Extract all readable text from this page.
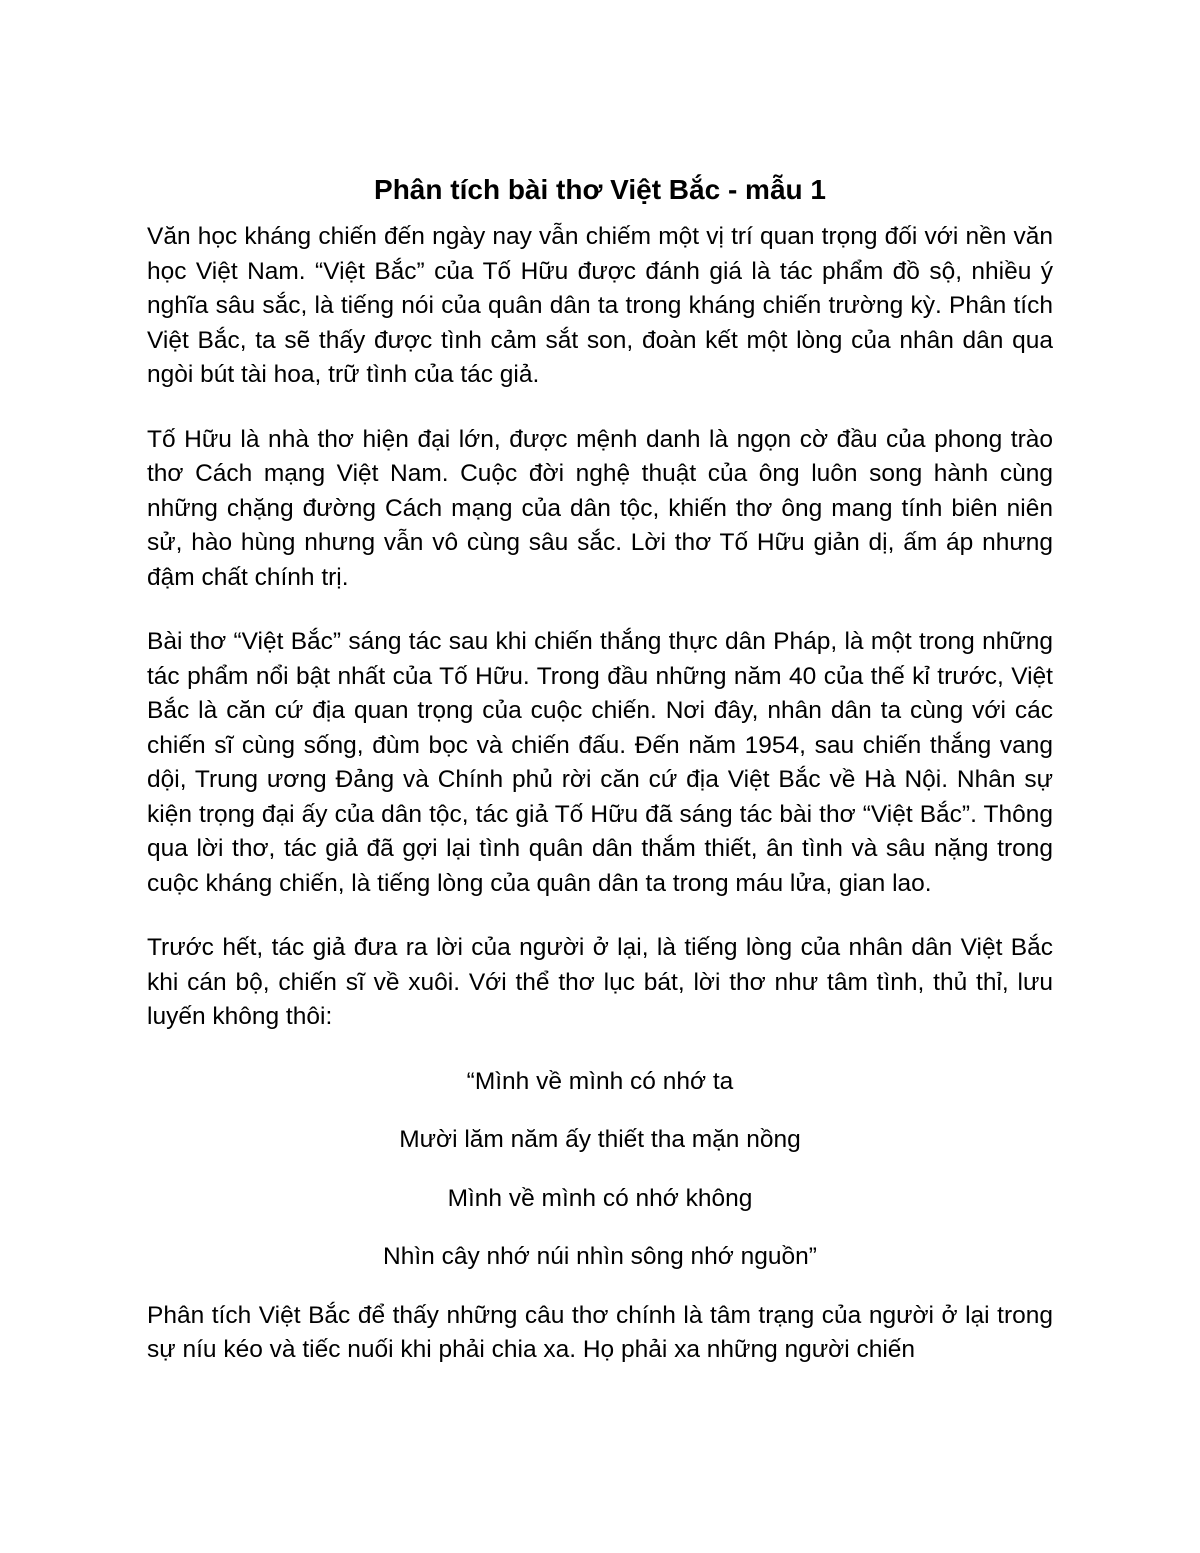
Phân tích bài thơ Việt Bắc - mẫu 1

Văn học kháng chiến đến ngày nay vẫn chiếm một vị trí quan trọng đối với nền văn học Việt Nam. “Việt Bắc” của Tố Hữu được đánh giá là tác phẩm đồ sộ, nhiều ý nghĩa sâu sắc, là tiếng nói của quân dân ta trong kháng chiến trường kỳ. Phân tích Việt Bắc, ta sẽ thấy được tình cảm sắt son, đoàn kết một lòng của nhân dân qua ngòi bút tài hoa, trữ tình của tác giả.

Tố Hữu là nhà thơ hiện đại lớn, được mệnh danh là ngọn cờ đầu của phong trào thơ Cách mạng Việt Nam. Cuộc đời nghệ thuật của ông luôn song hành cùng những chặng đường Cách mạng của dân tộc, khiến thơ ông mang tính biên niên sử, hào hùng nhưng vẫn vô cùng sâu sắc. Lời thơ Tố Hữu giản dị, ấm áp nhưng đậm chất chính trị.

Bài thơ “Việt Bắc” sáng tác sau khi chiến thắng thực dân Pháp, là một trong những tác phẩm nổi bật nhất của Tố Hữu. Trong đầu những năm 40 của thế kỉ trước, Việt Bắc là căn cứ địa quan trọng của cuộc chiến. Nơi đây, nhân dân ta cùng với các chiến sĩ cùng sống, đùm bọc và chiến đấu. Đến năm 1954, sau chiến thắng vang dội, Trung ương Đảng và Chính phủ rời căn cứ địa Việt Bắc về Hà Nội. Nhân sự kiện trọng đại ấy của dân tộc, tác giả Tố Hữu đã sáng tác bài thơ “Việt Bắc”. Thông qua lời thơ, tác giả đã gợi lại tình quân dân thắm thiết, ân tình và sâu nặng trong cuộc kháng chiến, là tiếng lòng của quân dân ta trong máu lửa, gian lao.

Trước hết, tác giả đưa ra lời của người ở lại, là tiếng lòng của nhân dân Việt Bắc khi cán bộ, chiến sĩ về xuôi. Với thể thơ lục bát, lời thơ như tâm tình, thủ thỉ, lưu luyến không thôi:

“Mình về mình có nhớ ta
Mười lăm năm ấy thiết tha mặn nồng
Mình về mình có nhớ không
Nhìn cây nhớ núi nhìn sông nhớ nguồn”

Phân tích Việt Bắc để thấy những câu thơ chính là tâm trạng của người ở lại trong sự níu kéo và tiếc nuối khi phải chia xa. Họ phải xa những người chiến
